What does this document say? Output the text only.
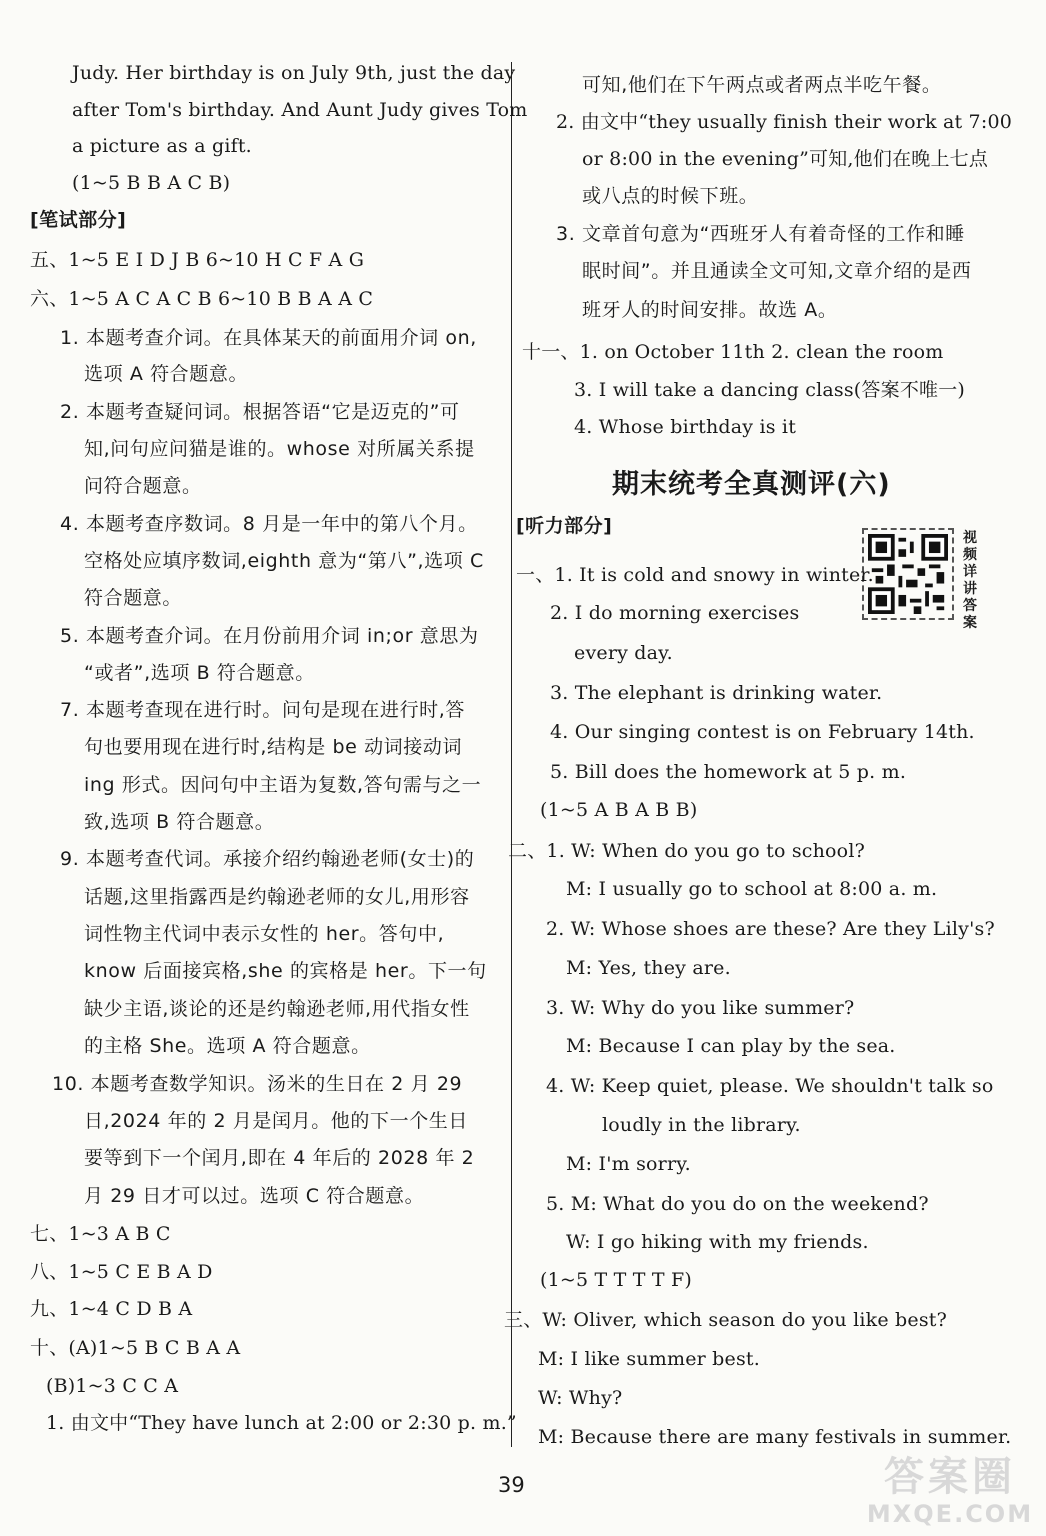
期末统考全真测评(六)
视频详讲答案
39	答案圈
MXQE.COM
Judy. Her birthday is on July 9th, just the day
after Tom's birthday. And Aunt Judy gives Tom
a picture as a gift.
(1~5 B B A C B)
[笔试部分]
五、1~5 E I D J B 6~10 H C F A G
六、1~5 A C A C B 6~10 B B A A C
1. 本题考查介词。在具体某天的前面用介词 on,
选项 A 符合题意。
2. 本题考查疑问词。根据答语“它是迈克的”可
知,问句应问猫是谁的。whose 对所属关系提
问符合题意。
4. 本题考查序数词。8 月是一年中的第八个月。
空格处应填序数词,eighth 意为“第八”,选项 C
符合题意。
5. 本题考查介词。在月份前用介词 in;or 意思为
“或者”,选项 B 符合题意。
7. 本题考查现在进行时。问句是现在进行时,答
句也要用现在进行时,结构是 be 动词接动词
ing 形式。因问句中主语为复数,答句需与之一
致,选项 B 符合题意。
9. 本题考查代词。承接介绍约翰逊老师(女士)的
话题,这里指露西是约翰逊老师的女儿,用形容
词性物主代词中表示女性的 her。答句中,
know 后面接宾格,she 的宾格是 her。下一句
缺少主语,谈论的还是约翰逊老师,用代指女性
的主格 She。选项 A 符合题意。
10. 本题考查数学知识。汤米的生日在 2 月 29
日,2024 年的 2 月是闰月。他的下一个生日
要等到下一个闰月,即在 4 年后的 2028 年 2
月 29 日才可以过。选项 C 符合题意。
七、1~3 A B C
八、1~5 C E B A D
九、1~4 C D B A
十、(A)1~5 B C B A A
(B)1~3 C C A
1. 由文中“They have lunch at 2:00 or 2:30 p. m.”
可知,他们在下午两点或者两点半吃午餐。
2. 由文中“they usually finish their work at 7:00
or 8:00 in the evening”可知,他们在晚上七点
或八点的时候下班。
3. 文章首句意为“西班牙人有着奇怪的工作和睡
眠时间”。并且通读全文可知,文章介绍的是西
班牙人的时间安排。故选 A。
十一、1. on October 11th 2. clean the room
3. I will take a dancing class(答案不唯一)
4. Whose birthday is it
[听力部分]
一、1. It is cold and snowy in winter.
2. I do morning exercises
every day.
3. The elephant is drinking water.
4. Our singing contest is on February 14th.
5. Bill does the homework at 5 p. m.
(1~5 A B A B B)
二、1. W: When do you go to school?
M: I usually go to school at 8:00 a. m.
2. W: Whose shoes are these? Are they Lily's?
M: Yes, they are.
3. W: Why do you like summer?
M: Because I can play by the sea.
4. W: Keep quiet, please. We shouldn't talk so
loudly in the library.
M: I'm sorry.
5. M: What do you do on the weekend?
W: I go hiking with my friends.
(1~5 T T T T F)
三、W: Oliver, which season do you like best?
M: I like summer best.
W: Why?
M: Because there are many festivals in summer.
